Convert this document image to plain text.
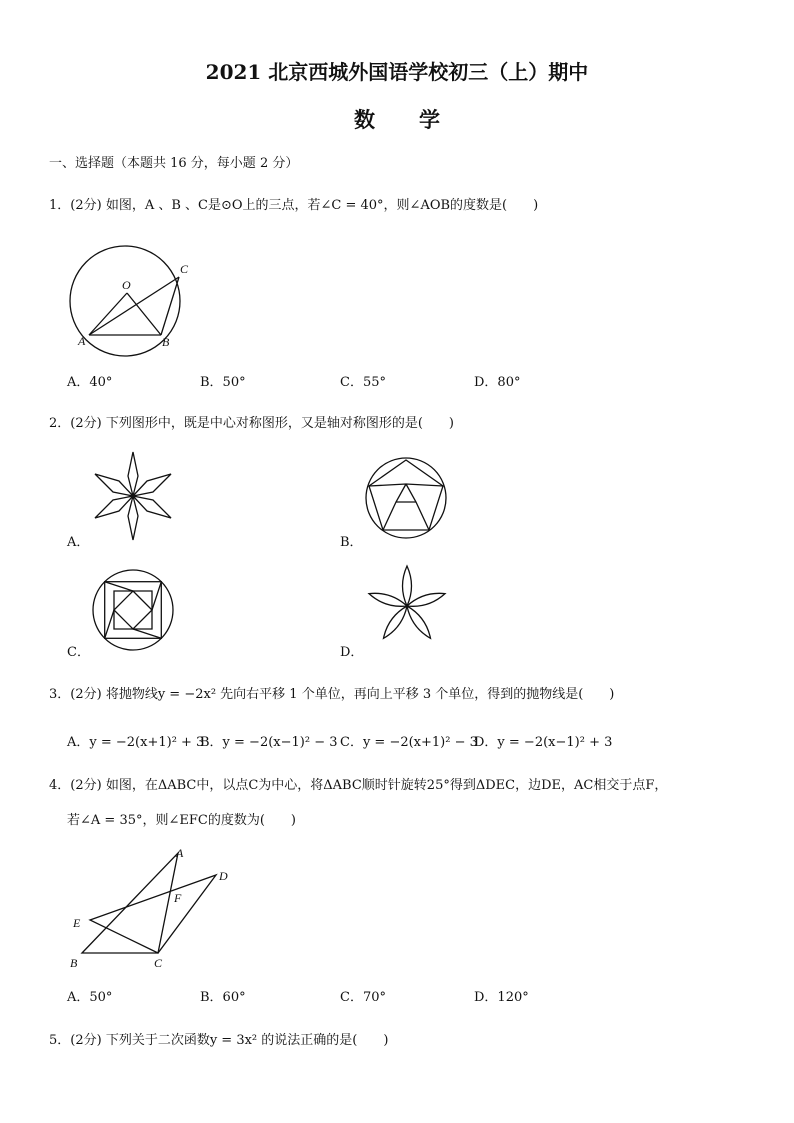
2021 北京西城外国语学校初三（上）期中
数学
一、选择题（本题共 16 分，每小题 2 分）
1．(2分) 如图，A 、B 、C是⊙O上的三点，若∠C = 40°，则∠AOB的度数是(　　)
O
C
A	B
A．40°	B．50°	C．55°	D．80°
2．(2分) 下列图形中，既是中心对称图形，又是轴对称图形的是(　　)
A．	B．
C．	D．
3．(2分) 将抛物线y = −2x² 先向右平移 1 个单位，再向上平移 3 个单位，得到的抛物线是(　　)
A．y = −2(x+1)² + 3
B．y = −2(x−1)² − 3 C．y = −2(x+1)² − 3
D．y = −2(x−1)² + 3
4．(2分) 如图，在ΔABC中，以点C为中心，将ΔABC顺时针旋转25°得到ΔDEC，边DE，AC相交于点F，
若∠A = 35°，则∠EFC的度数为(　　)
A
D
F
E
B	C
A．50°	B．60°	C．70°	D．120°
5．(2分) 下列关于二次函数y = 3x² 的说法正确的是(　　)
